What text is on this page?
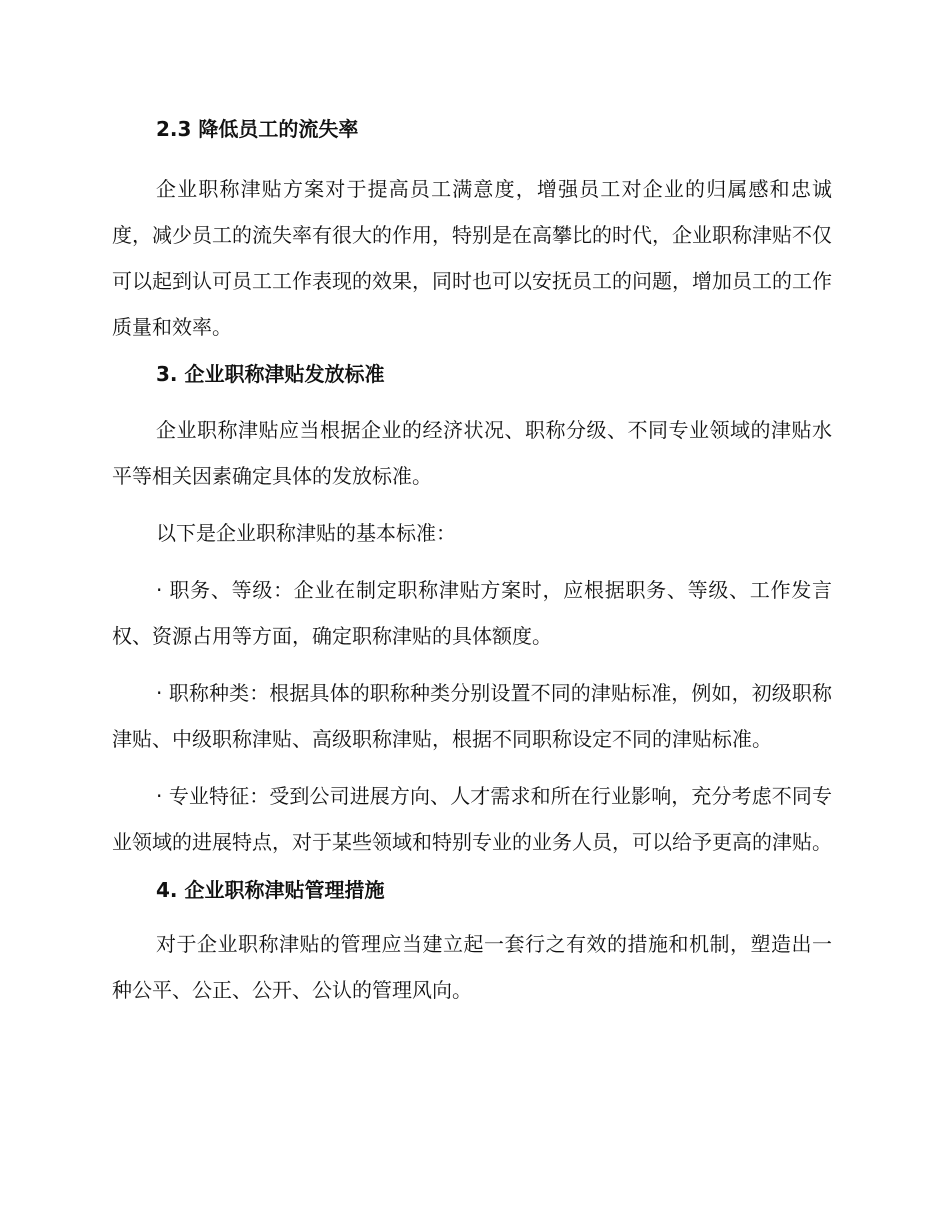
2.3 降低员工的流失率

企业职称津贴方案对于提高员工满意度，增强员工对企业的归属感和忠诚度，减少员工的流失率有很大的作用，特别是在高攀比的时代，企业职称津贴不仅可以起到认可员工工作表现的效果，同时也可以安抚员工的问题，增加员工的工作质量和效率。

3. 企业职称津贴发放标准

企业职称津贴应当根据企业的经济状况、职称分级、不同专业领域的津贴水平等相关因素确定具体的发放标准。

以下是企业职称津贴的基本标准：

· 职务、等级：企业在制定职称津贴方案时，应根据职务、等级、工作发言权、资源占用等方面，确定职称津贴的具体额度。

· 职称种类：根据具体的职称种类分别设置不同的津贴标准，例如，初级职称津贴、中级职称津贴、高级职称津贴，根据不同职称设定不同的津贴标准。

· 专业特征：受到公司进展方向、人才需求和所在行业影响，充分考虑不同专业领域的进展特点，对于某些领域和特别专业的业务人员，可以给予更高的津贴。

4. 企业职称津贴管理措施

对于企业职称津贴的管理应当建立起一套行之有效的措施和机制，塑造出一种公平、公正、公开、公认的管理风向。
